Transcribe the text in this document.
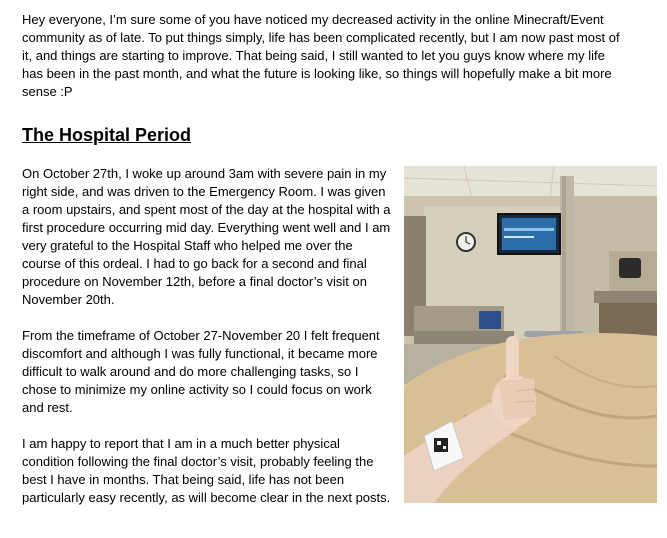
Hey everyone, I’m sure some of you have noticed my decreased activity in the online Minecraft/Event community as of late. To put things simply, life has been complicated recently, but I am now past most of it, and things are starting to improve. That being said, I still wanted to let you guys know where my life has been in the past month, and what the future is looking like, so things will hopefully make a bit more sense :P

The Hospital Period

On October 27th, I woke up around 3am with severe pain in my right side, and was driven to the Emergency Room. I was given a room upstairs, and spent most of the day at the hospital with a first procedure occurring mid day. Everything went well and I am very grateful to the Hospital Staff who helped me over the course of this ordeal. I had to go back for a second and final procedure on November 12th, before a final doctor’s visit on November 20th.

From the timeframe of October 27-November 20 I felt frequent discomfort and although I was fully functional, it became more difficult to walk around and do more challenging tasks, so I chose to minimize my online activity so I could focus on work and rest.

I am happy to report that I am in a much better physical condition following the final doctor’s visit, probably feeling the best I have in months. That being said, life has not been particularly easy recently, as will become clear in the next posts.
